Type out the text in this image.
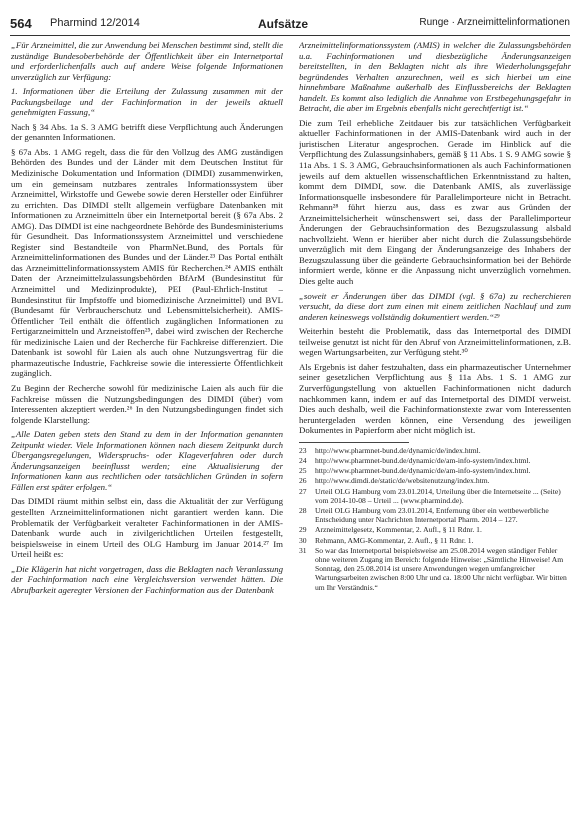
564 Pharmind 12/2014	Aufsätze	Runge · Arzneimittelinformationen

„Für Arzneimittel, die zur Anwendung bei Menschen bestimmt sind, stellt die zuständige Bundesoberbehörde der Öffentlichkeit über ein Internetportal und erforderlichenfalls auch auf andere Weise folgende Informationen unverzüglich zur Verfügung:

1. Informationen über die Erteilung der Zulassung zusammen mit der Packungsbeilage und der Fachinformation in der jeweils aktuell genehmigten Fassung,“

Nach § 34 Abs. 1a S. 3 AMG betrifft diese Verpflichtung auch Änderungen der genannten Informationen.

§ 67a Abs. 1 AMG regelt, dass die für den Vollzug des AMG zuständigen Behörden des Bundes und der Länder mit dem Deutschen Institut für Medizinische Dokumentation und Information (DIMDI) zusammenwirken, um ein gemeinsam nutzbares zentrales Informationssystem über Arzneimittel, Wirkstoffe und Gewebe sowie deren Hersteller oder Einführer zu errichten. Das DIMDI stellt allgemein verfügbare Datenbanken mit Informationen zu Arzneimitteln über ein Internetportal bereit (§ 67a Abs. 2 AMG). Das DIMDI ist eine nachgeordnete Behörde des Bundesministeriums für Gesundheit. Das Informationssystem Arzneimittel und verschiedene Register sind Bestandteile von PharmNet.Bund, des Portals für Arzneimittelinformationen des Bundes und der Länder.²³ Das Portal enthält das Arzneimittelinformationssystem AMIS für Recherchen.²⁴ AMIS enthält Daten der Arzneimittelzulassungsbehörden BfArM (Bundesinstitut für Arzneimittel und Medizinprodukte), PEI (Paul-Ehrlich-Institut – Bundesinstitut für Impfstoffe und biomedizinische Arzneimittel) und BVL (Bundesamt für Verbraucherschutz und Lebensmittelsicherheit). AMIS-Öffentlicher Teil enthält die öffentlich zugänglichen Informationen zu Fertigarzneimitteln und Arzneistoffen²⁵, dabei wird zwischen der Recherche für medizinische Laien und der Recherche für Fachkreise differenziert. Die Datenbank ist sowohl für Laien als auch ohne Nutzungsvertrag für die pharmazeutische Industrie, Fachkreise sowie die interessierte Öffentlichkeit zugänglich.

Zu Beginn der Recherche sowohl für medizinische Laien als auch für die Fachkreise müssen die Nutzungsbedingungen des DIMDI (über) vom Interessenten akzeptiert werden.²⁶ In den Nutzungsbedingungen findet sich folgende Klarstellung:

„Alle Daten geben stets den Stand zu dem in der Information genannten Zeitpunkt wieder. Viele Informationen können nach diesem Zeitpunkt durch Übergangsregelungen, Widerspruchs- oder Klageverfahren oder durch Änderungsanzeigen beeinflusst werden; eine Aktualisierung der Informationen kann aus rechtlichen oder tatsächlichen Gründen in sofern Fällen erst später erfolgen.“

Das DIMDI räumt mithin selbst ein, dass die Aktualität der zur Verfügung gestellten Arzneimittelinformationen nicht garantiert werden kann. Die Problematik der Verfügbarkeit veralteter Fachinformationen in der AMIS-Datenbank wurde auch in zivilgerichtlichen Urteilen festgestellt, beispielsweise in einem Urteil des OLG Hamburg im Januar 2014.²⁷ Im Urteil heißt es:

„Die Klägerin hat nicht vorgetragen, dass die Beklagten nach Veranlassung der Fachinformation nach eine Vergleichsversion verwendet hätten. Die Abrufbarkeit ageregter Versionen der Fachinformation aus der Datenbank

Arzneimittelinformationssystem (AMIS) in welcher die Zulassungsbehörden u.a. Fachinformationen und diesbezügliche Änderungsanzeigen bereitstellten, in den Beklagten nicht als ihre Wiederholungsgefahr begründendes Verhalten anzurechnen, weil es sich hierbei um eine hinnehmbare Maßnahme außerhalb des Einflussbereichs der Beklagten handelt. Es kommt also lediglich die Annahme von Erstbegehungsgefahr in Betracht, die aber im Ergebnis ebenfalls nicht gerechtfertigt ist.“

Die zum Teil erhebliche Zeitdauer bis zur tatsächlichen Verfügbarkeit aktueller Fachinformationen in der AMIS-Datenbank wird auch in der juristischen Literatur angesprochen. Gerade im Hinblick auf die Verpflichtung des Zulassungsinhabers, gemäß § 11 Abs. 1 S. 9 AMG sowie § 11a Abs. 1 S. 3 AMG, Gebrauchsinformationen als auch Fachinformationen jeweils auf dem aktuellen wissenschaftlichen Erkenntnisstand zu halten, kommt dem DIMDI, sow. die Datenbank AMIS, als zuverlässige Informationsquelle insbesondere für Parallelimporteure nicht in Betracht. Rehmann²⁸ führt hierzu aus, dass es zwar aus Gründen der Arzneimittelsicherheit wünschenswert sei, dass der Parallelimporteur Änderungen der Gebrauchsinformation des Bezugszulassung alsbald nachvollzieht. Wenn er hierüber aber nicht durch die Zulassungsbehörde unverzüglich mit dem Eingang der Änderungsanzeige des Inhabers der Bezugszulassung über die geänderte Gebrauchsinformation bei der Behörde informiert werde, könne er die Anpassung nicht unverzüglich vornehmen. Dies gelte auch

„soweit er Änderungen über das DIMDI (vgl. § 67a) zu recherchieren versucht, da diese dort zum einen mit einem zeitlichen Nachlauf und zum anderen keineswegs vollständig dokumentiert werden.“²⁹

Weiterhin besteht die Problematik, dass das Internetportal des DIMDI teilweise genutzt ist nicht für den Abruf von Arzneimittelinformationen, z.B. wegen Wartungsarbeiten, zur Verfügung steht.³⁰

Als Ergebnis ist daher festzuhalten, dass ein pharmazeutischer Unternehmer seiner gesetzlichen Verpflichtung aus § 11a Abs. 1 S. 1 AMG zur Zurverfügungstellung von aktuellen Fachinformationen nicht dadurch nachkommen kann, indem er auf das Internetportal des DIMDI verweist. Dies auch deshalb, weil die Fachinformationstexte zwar vom Interessenten heruntergeladen werden können, eine Versendung des jeweiligen Dokumentes in Papierform aber nicht möglich ist.

23	http://www.pharmnet-bund.de/dynamic/de/index.html.
24	http://www.pharmnet-bund.de/dynamic/de/am-info-system/index.html.
25	http://www.pharmnet-bund.de/dynamic/de/am-info-system/index.html.
26	http://www.dimdi.de/static/de/websitenutzung/index.htm.
27	Urteil OLG Hamburg vom 23.01.2014, Urteilung über die Internetseite ... (Seite) vom 2014-10-08 – Urteil ... (www.pharmind.de).
28	Urteil OLG Hamburg vom 23.01.2014, Entfernung über ein wettbewerbliche Entscheidung unter Nachrichten Internetportal Pharm. 2014 – 127.
29	Arzneimittelgesetz, Kommentar, 2. Aufl., § 11 Rdnr. 1.
30	Rehmann, AMG-Kommentar, 2. Aufl., § 11 Rdnr. 1.
31	So war das Internetportal beispielsweise am 25.08.2014 wegen ständiger Fehler ohne weiteren Zugang im Bereich: folgende Hinweise: „Sämtliche Hinweise! Am Sonntag, den 25.08.2014 ist unsere Anwendungen wegen umfangreicher Wartungsarbeiten zwischen 8:00 Uhr und ca. 18:00 Uhr nicht verfügbar. Wir bitten um Ihr Verständnis.“
